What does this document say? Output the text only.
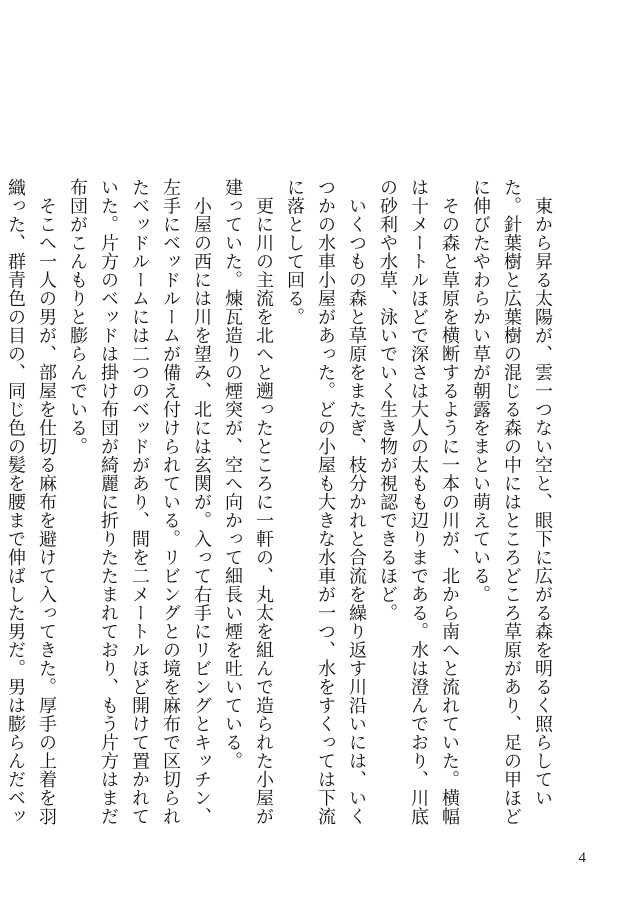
　東から昇る太陽が、雲一つない空と、眼下に広がる森を明るく照らしていた。針葉樹と広葉樹の混じる森の中にはところどころ草原があり、足の甲ほどに伸びたやわらかい草が朝露をまとい萌えている。

　その森と草原を横断するように一本の川が、北から南へと流れていた。横幅は十メートルほどで深さは大人の太もも辺りまである。水は澄んでおり、川底の砂利や水草、泳いでいく生き物が視認できるほど。

　いくつもの森と草原をまたぎ、枝分かれと合流を繰り返す川沿いには、いくつかの水車小屋があった。どの小屋も大きな水車が一つ、水をすくっては下流に落として回る。

　更に川の主流を北へと遡ったところに一軒の、丸太を組んで造られた小屋が建っていた。煉瓦造りの煙突が、空へ向かって細長い煙を吐いている。

　小屋の西には川を望み、北には玄関が。入って右手にリビングとキッチン、左手にベッドルームが備え付けられている。リビングとの境を麻布で区切られたベッドルームには二つのベッドがあり、間を二メートルほど開けて置かれていた。片方のベッドは掛け布団が綺麗に折りたたまれており、もう片方はまだ布団がこんもりと膨らんでいる。

　そこへ一人の男が、部屋を仕切る麻布を避けて入ってきた。厚手の上着を羽織った、群青色の目の、同じ色の髪を腰まで伸ばした男だ。男は膨らんだベッ

4
